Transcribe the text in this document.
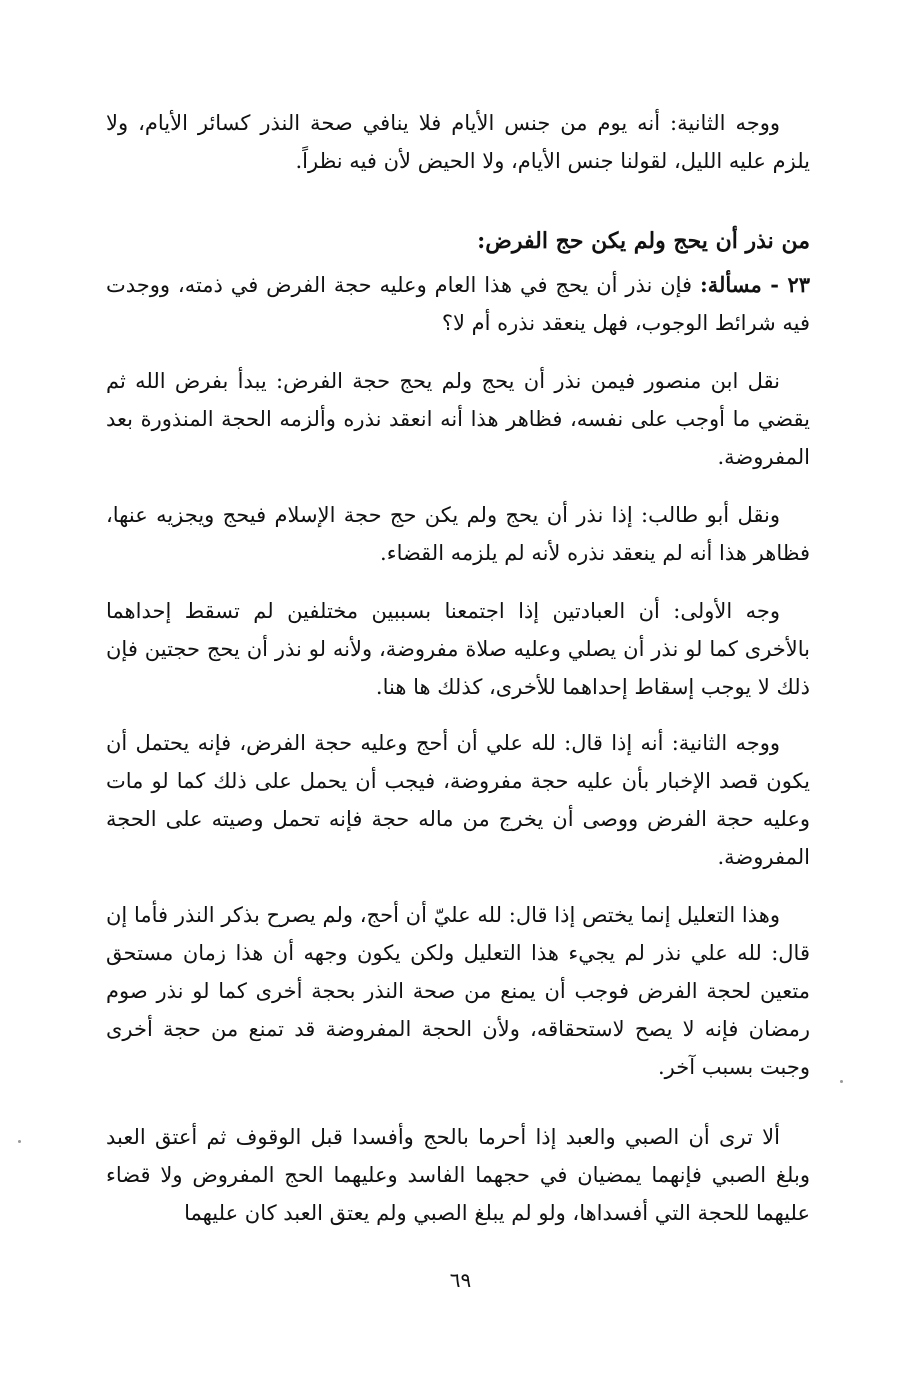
ووجه الثانية: أنه يوم من جنس الأيام فلا ينافي صحة النذر كسائر الأيام، ولا يلزم عليه الليل، لقولنا جنس الأيام، ولا الحيض لأن فيه نظراً.

من نذر أن يحج ولم يكن حج الفرض:

٢٣ - مسألة: فإن نذر أن يحج في هذا العام وعليه حجة الفرض في ذمته، ووجدت فيه شرائط الوجوب، فهل ينعقد نذره أم لا؟

نقل ابن منصور فيمن نذر أن يحج ولم يحج حجة الفرض: يبدأ بفرض الله ثم يقضي ما أوجب على نفسه، فظاهر هذا أنه انعقد نذره وألزمه الحجة المنذورة بعد المفروضة.

ونقل أبو طالب: إذا نذر أن يحج ولم يكن حج حجة الإسلام فيحج ويجزيه عنها، فظاهر هذا أنه لم ينعقد نذره لأنه لم يلزمه القضاء.

وجه الأولى: أن العبادتين إذا اجتمعنا بسببين مختلفين لم تسقط إحداهما بالأخرى كما لو نذر أن يصلي وعليه صلاة مفروضة، ولأنه لو نذر أن يحج حجتين فإن ذلك لا يوجب إسقاط إحداهما للأخرى، كذلك ها هنا.

ووجه الثانية: أنه إذا قال: لله علي أن أحج وعليه حجة الفرض، فإنه يحتمل أن يكون قصد الإخبار بأن عليه حجة مفروضة، فيجب أن يحمل على ذلك كما لو مات وعليه حجة الفرض ووصى أن يخرج من ماله حجة فإنه تحمل وصيته على الحجة المفروضة.

وهذا التعليل إنما يختص إذا قال: لله عليّ أن أحج، ولم يصرح بذكر النذر فأما إن قال: لله علي نذر لم يجيء هذا التعليل ولكن يكون وجهه أن هذا زمان مستحق متعين لحجة الفرض فوجب أن يمنع من صحة النذر بحجة أخرى كما لو نذر صوم رمضان فإنه لا يصح لاستحقاقه، ولأن الحجة المفروضة قد تمنع من حجة أخرى وجبت بسبب آخر.

ألا ترى أن الصبي والعبد إذا أحرما بالحج وأفسدا قبل الوقوف ثم أعتق العبد وبلغ الصبي فإنهما يمضيان في حجهما الفاسد وعليهما الحج المفروض ولا قضاء عليهما للحجة التي أفسداها، ولو لم يبلغ الصبي ولم يعتق العبد كان عليهما

٦٩
